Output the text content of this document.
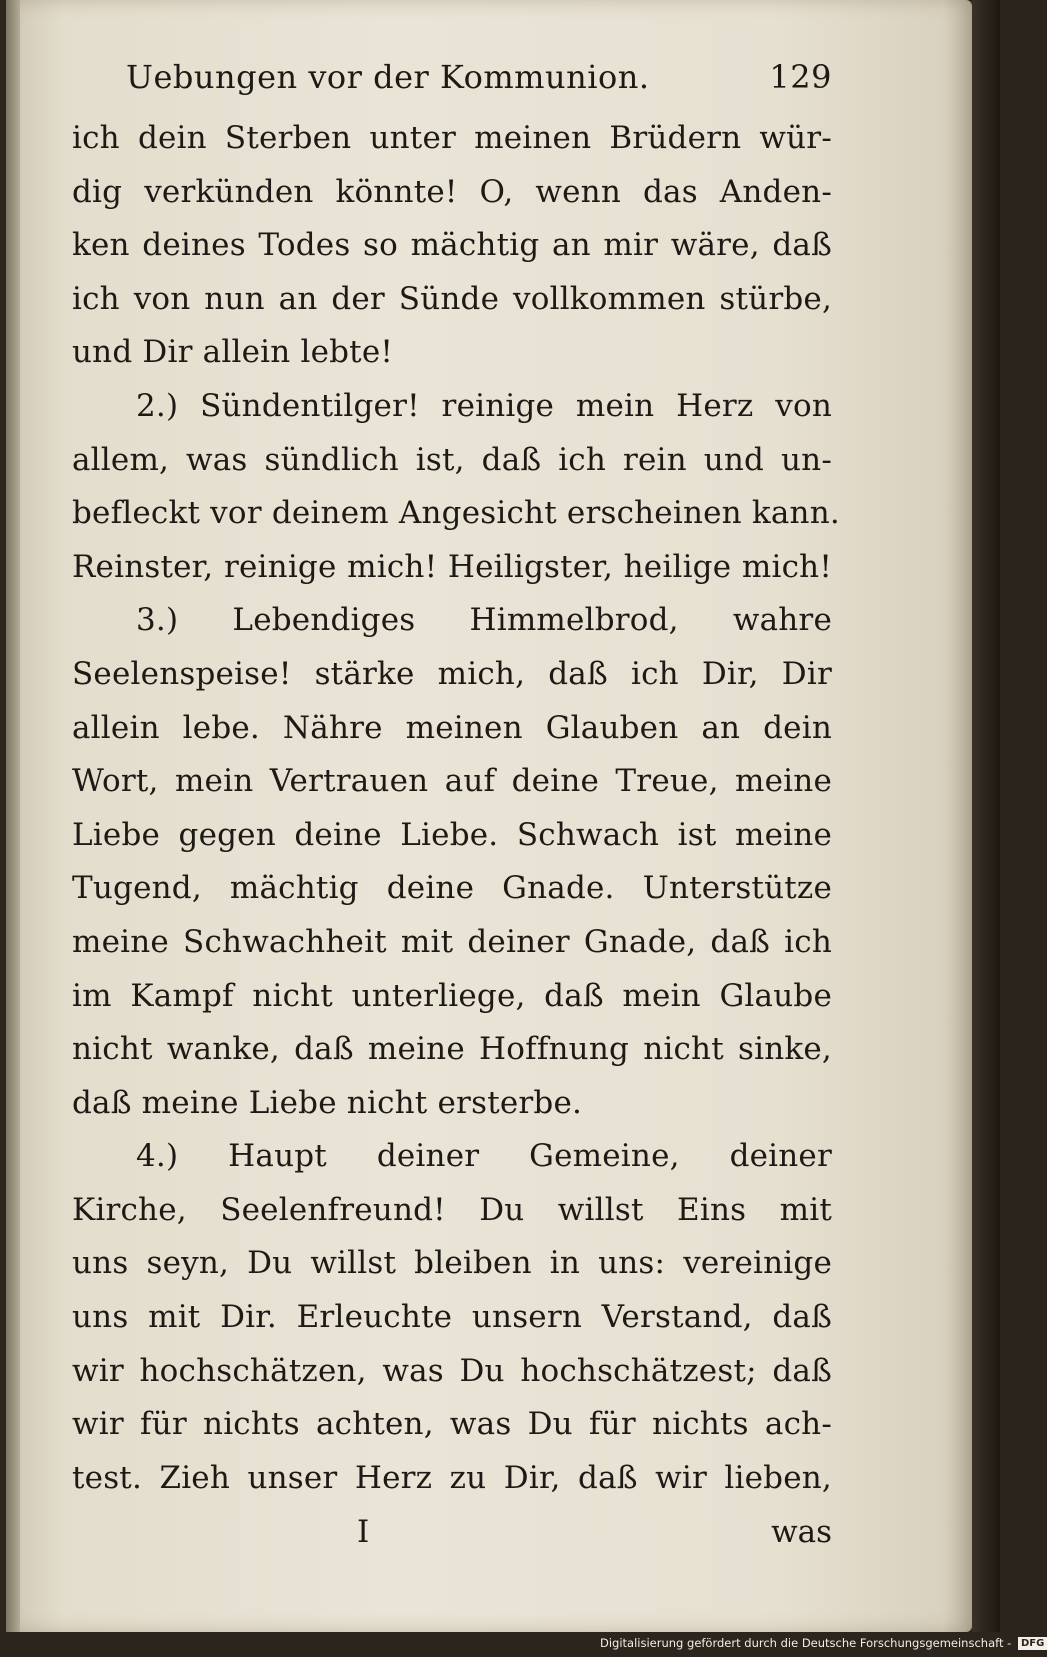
Uebungen vor der Kommunion.	129
ich dein Sterben unter meinen Brüdern wür-
dig verkünden könnte! O, wenn das Anden-
ken deines Todes so mächtig an mir wäre, daß
ich von nun an der Sünde vollkommen stürbe,
und Dir allein lebte!
2.) Sündentilger! reinige mein Herz von
allem, was sündlich ist, daß ich rein und un-
befleckt vor deinem Angesicht erscheinen kann.
Reinster, reinige mich! Heiligster, heilige mich!
3.) Lebendiges Himmelbrod, wahre
Seelenspeise! stärke mich, daß ich Dir, Dir
allein lebe. Nähre meinen Glauben an dein
Wort, mein Vertrauen auf deine Treue, meine
Liebe gegen deine Liebe. Schwach ist meine
Tugend, mächtig deine Gnade. Unterstütze
meine Schwachheit mit deiner Gnade, daß ich
im Kampf nicht unterliege, daß mein Glaube
nicht wanke, daß meine Hoffnung nicht sinke,
daß meine Liebe nicht ersterbe.
4.) Haupt deiner Gemeine, deiner
Kirche, Seelenfreund! Du willst Eins mit
uns seyn, Du willst bleiben in uns: vereinige
uns mit Dir. Erleuchte unsern Verstand, daß
wir hochschätzen, was Du hochschätzest; daß
wir für nichts achten, was Du für nichts ach-
test. Zieh unser Herz zu Dir, daß wir lieben,
I	was
Digitalisierung gefördert durch die Deutsche Forschungsgemeinschaft - DFG
